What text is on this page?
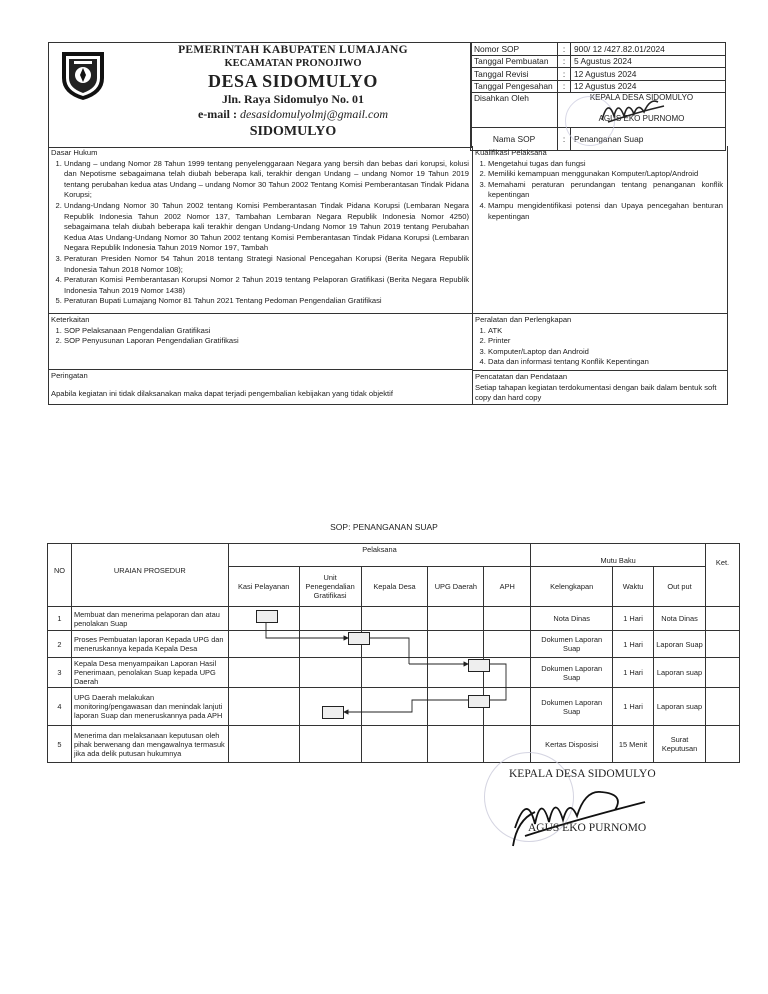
PEMERINTAH KABUPATEN LUMAJANG
KECAMATAN PRONOJIWO
DESA SIDOMULYO
Jln. Raya Sidomulyo No. 01
e-mail : desasidomulyolmj@gmail.com
SIDOMULYO
Nomor SOP	:	900/ 12 /427.82.01/2024
Tanggal Pembuatan	:	5 Agustus 2024
Tanggal Revisi	:	12 Agustus 2024
Tanggal Pengesahan	:	12 Agustus 2024
Disahkan Oleh	KEPALA DESA SIDOMULYO
AGUS EKO PURNOMO	

Nama SOP	:	Penanganan Suap
Dasar Hukum
1. Undang – undang Nomor 28 Tahun 1999 tentang penyelenggaraan Negara yang bersih dan bebas dari korupsi, kolusi dan Nepotisme sebagaimana telah diubah beberapa kali, terakhir dengan Undang – undang Nomor 19 Tahun 2019 tentang perubahan kedua atas Undang – undang Nomor 30 Tahun 2002 Tentang Komisi Pemberantasan Tindak Pidana Korupsi;
2. Undang-Undang Nomor 30 Tahun 2002 tentang Komisi Pemberantasan Tindak Pidana Korupsi (Lembaran Negara Republik Indonesia Tahun 2002 Nomor 137, Tambahan Lembaran Negara Republik Indonesia Nomor 4250) sebagaimana telah diubah beberapa kali terakhir dengan Undang-Undang Nomor 19 Tahun 2019 tentang Perubahan Kedua Atas Undang-Undang Nomor 30 Tahun 2002 tentang Komisi Pemberantasan Tindak Pidana Korupsi (Lembaran Negara Republik Indonesia Tahun 2019 Nomor 197, Tambah
3. Peraturan Presiden Nomor 54 Tahun 2018 tentang Strategi Nasional Pencegahan Korupsi (Berita Negara Republik Indonesia Tahun 2018 Nomor 108);
4. Peraturan Komisi Pemberantasan Korupsi Nomor 2 Tahun 2019 tentang Pelaporan Gratifikasi (Berita Negara Republik Indonesia Tahun 2019 Nomor 1438)
5. Peraturan Bupati Lumajang Nomor 81 Tahun 2021 Tentang Pedoman Pengendalian Gratifikasi
Kualifikasi Pelaksana
1. Mengetahui tugas dan fungsi
2. Memiliki kemampuan menggunakan Komputer/Laptop/Android
3. Memahami peraturan perundangan tentang penanganan konflik kepentingan
4. Mampu mengidentifikasi potensi dan Upaya pencegahan benturan kepentingan
Keterkaitan
1. SOP Pelaksanaan Pengendalian Gratifikasi
2. SOP Penyusunan Laporan Pengendalian Gratifikasi
Peralatan dan Perlengkapan
1. ATK
2. Printer
3. Komputer/Laptop dan Android
4. Data dan informasi tentang Konflik Kepentingan
Peringatan
Apabila kegiatan ini tidak dilaksanakan maka dapat terjadi pengembalian kebijakan yang tidak objektif
Pencatatan dan Pendataan
Setiap tahapan kegiatan terdokumentasi dengan baik dalam bentuk soft copy dan hard copy
SOP: PENANGANAN SUAP
NO	URAIAN PROSEDUR	Pelaksana					Mutu Baku			Ket.
		Kasi Pelayanan	Unit Penegendalian Gratifikasi	Kepala Desa	UPG Daerah	APH	Kelengkapan	Waktu	Out put	
1	Membuat dan menerima pelaporan dan atau penolakan Suap						Nota Dinas	1 Hari	Nota Dinas	
2	Proses Pembuatan laporan Kepada UPG dan meneruskannya kepada Kepala Desa						Dokumen Laporan Suap	1 Hari	Laporan Suap	
3	Kepala Desa menyampaikan Laporan Hasil Penerimaan, penolakan Suap kepada UPG Daerah						Dokumen Laporan Suap	1 Hari	Laporan suap	
4	UPG Daerah melakukan monitoring/pengawasan dan menindak lanjuti laporan Suap dan meneruskannya pada APH						Dokumen Laporan Suap	1 Hari	Laporan suap	
5	Menerima dan melaksanaan keputusan oleh pihak berwenang dan mengawalnya termasuk jika ada delik putusan hukumnya						Kertas Disposisi	15 Menit	Surat Keputusan	
KEPALA DESA SIDOMULYO
AGUS EKO PURNOMO
